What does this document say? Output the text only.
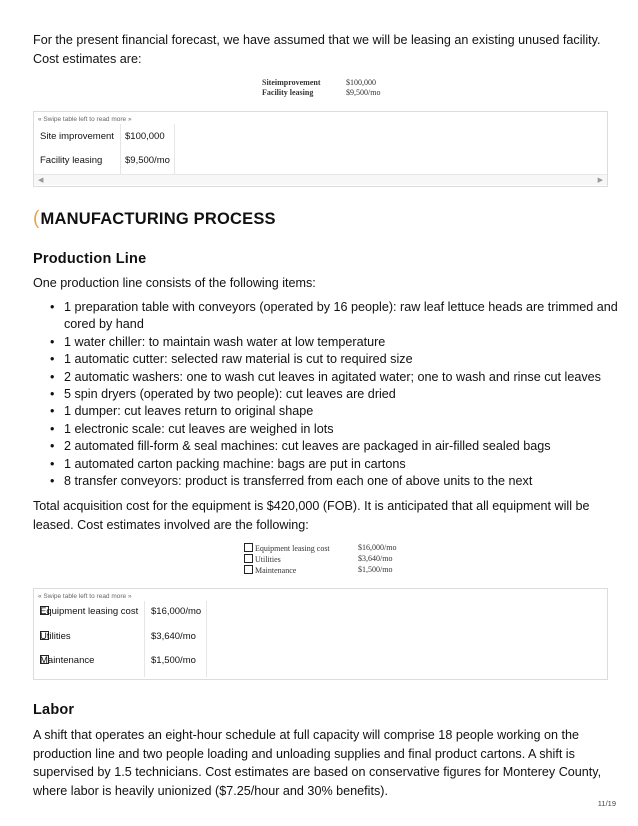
For the present financial forecast, we have assumed that we will be leasing an existing unused facility. Cost estimates are:

Siteimprovement	$100,000
Facility leasing	$9,500/mo
« Swipe table left to read more »
Site improvement $100,000
Facility leasing $9,500/mo
◀	▶
(MANUFACTURING PROCESS
Production Line

One production line consists of the following items:

• 1 preparation table with conveyors (operated by 16 people): raw leaf lettuce heads are trimmed and cored by hand
• 1 water chiller: to maintain wash water at low temperature
• 1 automatic cutter: selected raw material is cut to required size
• 2 automatic washers: one to wash cut leaves in agitated water; one to wash and rinse cut leaves
• 5 spin dryers (operated by two people): cut leaves are dried
• 1 dumper: cut leaves return to original shape
• 1 electronic scale: cut leaves are weighed in lots
• 2 automated fill-form & seal machines: cut leaves are packaged in air-filled sealed bags
• 1 automated carton packing machine: bags are put in cartons
• 8 transfer conveyors: product is transferred from each one of above units to the next

Total acquisition cost for the equipment is $420,000 (FOB). It is anticipated that all equipment will be leased. Cost estimates involved are the following:

Equipment leasing cost	$16,000/mo
Utilities	$3,640/mo
Maintenance	$1,500/mo
« Swipe table left to read more »
Equipment leasing cost $16,000/mo
Utilities	$3,640/mo
Maintenance	$1,500/mo
Labor

A shift that operates an eight-hour schedule at full capacity will comprise 18 people working on the production line and two people loading and unloading supplies and final product cartons. A shift is supervised by 1.5 technicians. Cost estimates are based on conservative figures for Monterey County, where labor is heavily unionized ($7.25/hour and 30% benefits).

11/19
